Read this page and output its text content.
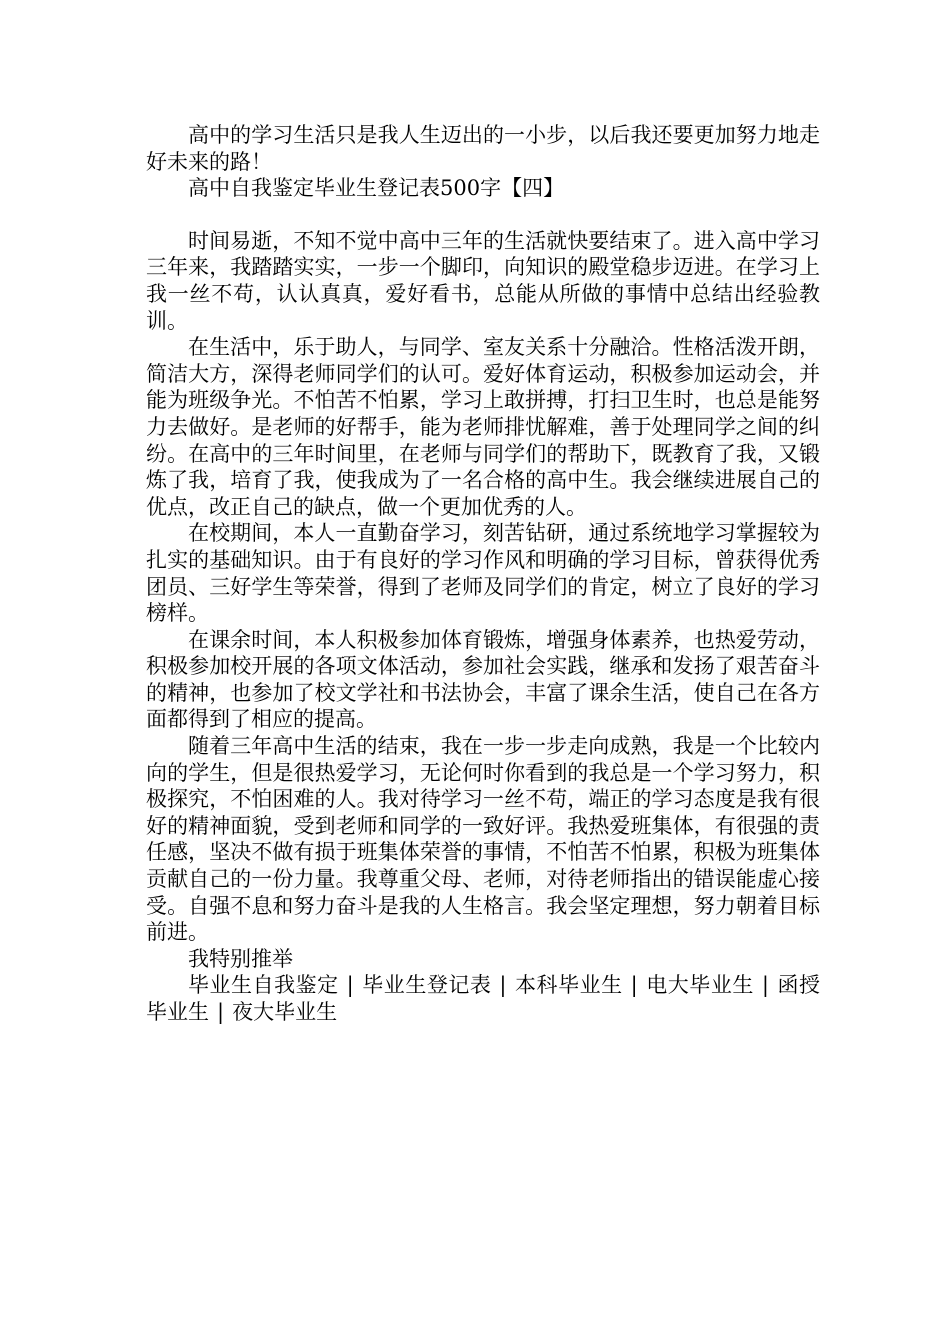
高中的学习生活只是我人生迈出的一小步，以后我还要更加努力地走好未来的路！

高中自我鉴定毕业生登记表500字【四】

时间易逝，不知不觉中高中三年的生活就快要结束了。进入高中学习三年来，我踏踏实实，一步一个脚印，向知识的殿堂稳步迈进。在学习上我一丝不苟，认认真真，爱好看书，总能从所做的事情中总结出经验教训。

在生活中，乐于助人，与同学、室友关系十分融洽。性格活泼开朗，简洁大方，深得老师同学们的认可。爱好体育运动，积极参加运动会，并能为班级争光。不怕苦不怕累，学习上敢拼搏，打扫卫生时，也总是能努力去做好。是老师的好帮手，能为老师排忧解难，善于处理同学之间的纠纷。在高中的三年时间里，在老师与同学们的帮助下，既教育了我，又锻炼了我，培育了我，使我成为了一名合格的高中生。我会继续进展自己的优点，改正自己的缺点，做一个更加优秀的人。

在校期间，本人一直勤奋学习，刻苦钻研，通过系统地学习掌握较为扎实的基础知识。由于有良好的学习作风和明确的学习目标，曾获得优秀团员、三好学生等荣誉，得到了老师及同学们的肯定，树立了良好的学习榜样。

在课余时间，本人积极参加体育锻炼，增强身体素养，也热爱劳动，积极参加校开展的各项文体活动，参加社会实践，继承和发扬了艰苦奋斗的精神，也参加了校文学社和书法协会，丰富了课余生活，使自己在各方面都得到了相应的提高。

随着三年高中生活的结束，我在一步一步走向成熟，我是一个比较内向的学生，但是很热爱学习，无论何时你看到的我总是一个学习努力，积极探究，不怕困难的人。我对待学习一丝不苟，端正的学习态度是我有很好的精神面貌，受到老师和同学的一致好评。我热爱班集体，有很强的责任感，坚决不做有损于班集体荣誉的事情，不怕苦不怕累，积极为班集体贡献自己的一份力量。我尊重父母、老师，对待老师指出的错误能虚心接受。自强不息和努力奋斗是我的人生格言。我会坚定理想，努力朝着目标前进。

我特别推举

毕业生自我鉴定 | 毕业生登记表 | 本科毕业生 | 电大毕业生 | 函授毕业生 | 夜大毕业生
